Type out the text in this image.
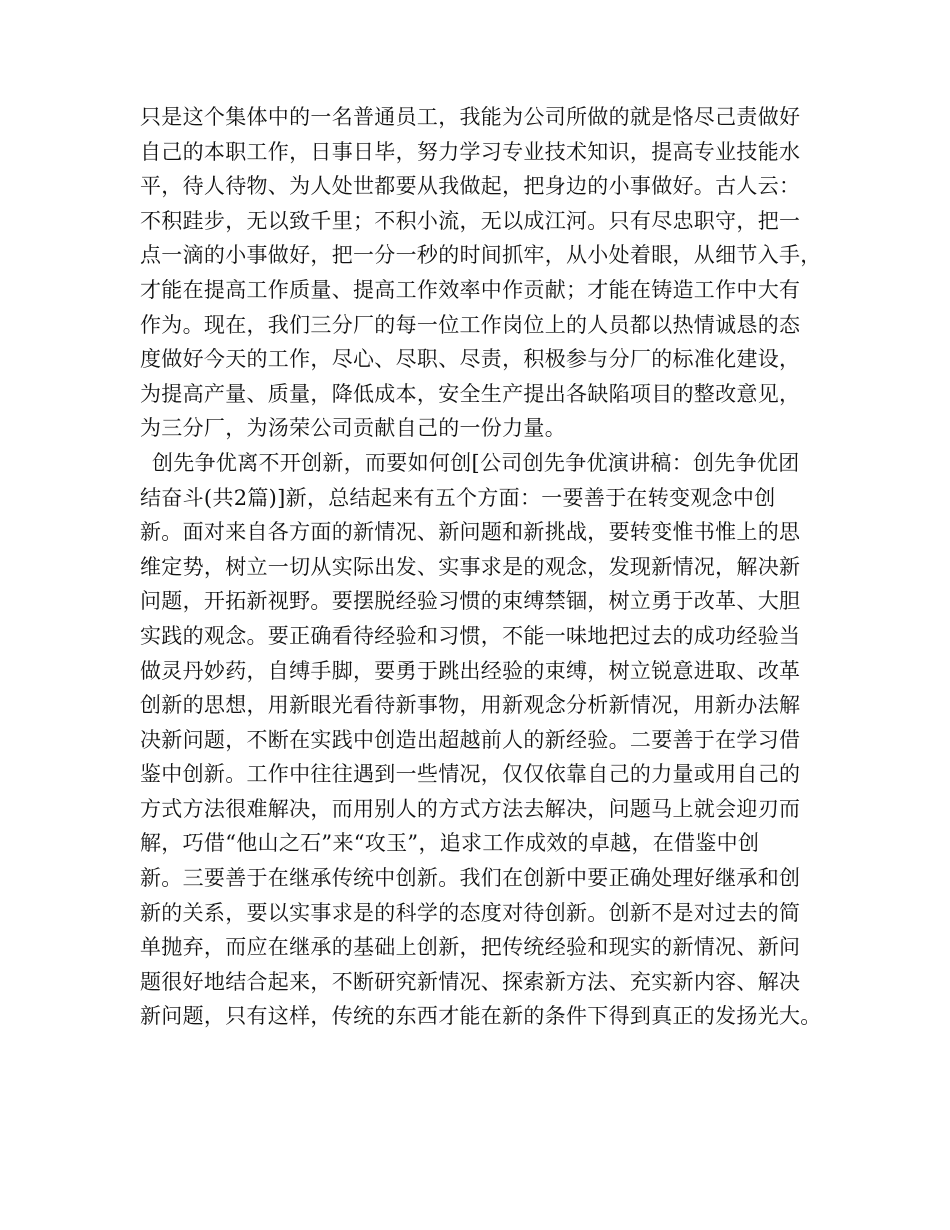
只是这个集体中的一名普通员工，我能为公司所做的就是恪尽己责做好
自己的本职工作，日事日毕，努力学习专业技术知识，提高专业技能水
平，待人待物、为人处世都要从我做起，把身边的小事做好。古人云：
不积跬步，无以致千里；不积小流，无以成江河。只有尽忠职守，把一
点一滴的小事做好，把一分一秒的时间抓牢，从小处着眼，从细节入手，
才能在提高工作质量、提高工作效率中作贡献；才能在铸造工作中大有
作为。现在，我们三分厂的每一位工作岗位上的人员都以热情诚恳的态
度做好今天的工作，尽心、尽职、尽责，积极参与分厂的标准化建设，
为提高产量、质量，降低成本，安全生产提出各缺陷项目的整改意见，
为三分厂，为汤荣公司贡献自己的一份力量。
创先争优离不开创新，而要如何创[公司创先争优演讲稿：创先争优团
结奋斗(共2篇)]新，总结起来有五个方面：一要善于在转变观念中创
新。面对来自各方面的新情况、新问题和新挑战，要转变惟书惟上的思
维定势，树立一切从实际出发、实事求是的观念，发现新情况，解决新
问题，开拓新视野。要摆脱经验习惯的束缚禁锢，树立勇于改革、大胆
实践的观念。要正确看待经验和习惯，不能一味地把过去的成功经验当
做灵丹妙药，自缚手脚，要勇于跳出经验的束缚，树立锐意进取、改革
创新的思想，用新眼光看待新事物，用新观念分析新情况，用新办法解
决新问题，不断在实践中创造出超越前人的新经验。二要善于在学习借
鉴中创新。工作中往往遇到一些情况，仅仅依靠自己的力量或用自己的
方式方法很难解决，而用别人的方式方法去解决，问题马上就会迎刃而
解，巧借“他山之石”来“攻玉”，追求工作成效的卓越，在借鉴中创
新。三要善于在继承传统中创新。我们在创新中要正确处理好继承和创
新的关系，要以实事求是的科学的态度对待创新。创新不是对过去的简
单抛弃，而应在继承的基础上创新，把传统经验和现实的新情况、新问
题很好地结合起来，不断研究新情况、探索新方法、充实新内容、解决
新问题，只有这样，传统的东西才能在新的条件下得到真正的发扬光大。
